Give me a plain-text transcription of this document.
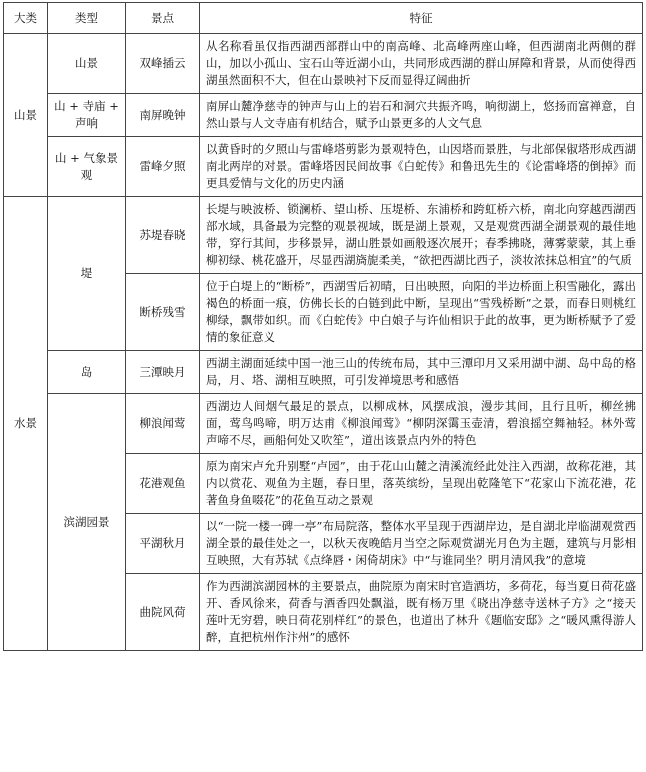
大类	类型	景点	特征
山景	山景	双峰插云	从名称看虽仅指西湖西部群山中的南高峰、北高峰两座山峰，但西湖南北两侧的群山，加以小孤山、宝石山等近湖小山，共同形成西湖的群山屏障和背景，从而使得西湖虽然面积不大，但在山景映衬下反而显得辽阔曲折
	山 + 寺庙 + 声响	南屏晚钟	南屏山麓净慈寺的钟声与山上的岩石和洞穴共振齐鸣，响彻湖上，悠扬而富禅意，自然山景与人文寺庙有机结合，赋予山景更多的人文气息
	山 + 气象景观	雷峰夕照	以黄昏时的夕照山与雷峰塔剪影为景观特色，山因塔而景胜，与北部保俶塔形成西湖南北两岸的对景。雷峰塔因民间故事《白蛇传》和鲁迅先生的《论雷峰塔的倒掉》而更具爱情与文化的历史内涵
水景	堤	苏堤春晓	长堤与映波桥、锁澜桥、望山桥、压堤桥、东浦桥和跨虹桥六桥，南北向穿越西湖西部水域，具备最为完整的观景视域，既是湖上景观，又是观赏西湖全湖景观的最佳地带，穿行其间，步移景异，湖山胜景如画般逐次展开；春季拂晓，薄雾蒙蒙，其上垂柳初绿、桃花盛开，尽显西湖旖旎柔美，“欲把西湖比西子，淡妆浓抹总相宜”的气质
		断桥残雪	位于白堤上的“断桥”，西湖雪后初晴，日出映照，向阳的半边桥面上积雪融化，露出褐色的桥面一痕，仿佛长长的白链到此中断，呈现出“雪残桥断”之景，而春日则桃红柳绿，飘带如织。而《白蛇传》中白娘子与许仙相识于此的故事，更为断桥赋予了爱情的象征意义
	岛	三潭映月	西湖主湖面延续中国一池三山的传统布局，其中三潭印月又采用湖中湖、岛中岛的格局，月、塔、湖相互映照，可引发禅境思考和感悟
	滨湖园景	柳浪闻莺	西湖边人间烟气最足的景点，以柳成林，风摆成浪，漫步其间，且行且听，柳丝拂面，莺鸟鸣啼，明万达甫《柳浪闻莺》“柳阴深霭玉壶清，碧浪摇空舞袖轻。林外莺声啼不尽，画船何处又吹笙”，道出该景点内外的特色
		花港观鱼	原为南宋卢允升别墅“卢园”，由于花山山麓之清溪流经此处注入西湖，故称花港，其内以赏花、观鱼为主题，春日里，落英缤纷，呈现出乾隆笔下“花家山下流花港，花著鱼身鱼啜花”的花鱼互动之景观
		平湖秋月	以“一院一楼一碑一亭”布局院落，整体水平呈现于西湖岸边，是自湖北岸临湖观赏西湖全景的最佳处之一，以秋天夜晚皓月当空之际观赏湖光月色为主题，建筑与月影相互映照，大有苏轼《点绛唇・闲倚胡床》中“与谁同坐？明月清风我”的意境
		曲院风荷	作为西湖滨湖园林的主要景点，曲院原为南宋时官造酒坊，多荷花，每当夏日荷花盛开、香风徐来，荷香与酒香四处飘溢，既有杨万里《晓出净慈寺送林子方》之“接天莲叶无穷碧，映日荷花别样红”的景色，也道出了林升《题临安邸》之“暖风熏得游人醉，直把杭州作汴州”的感怀
